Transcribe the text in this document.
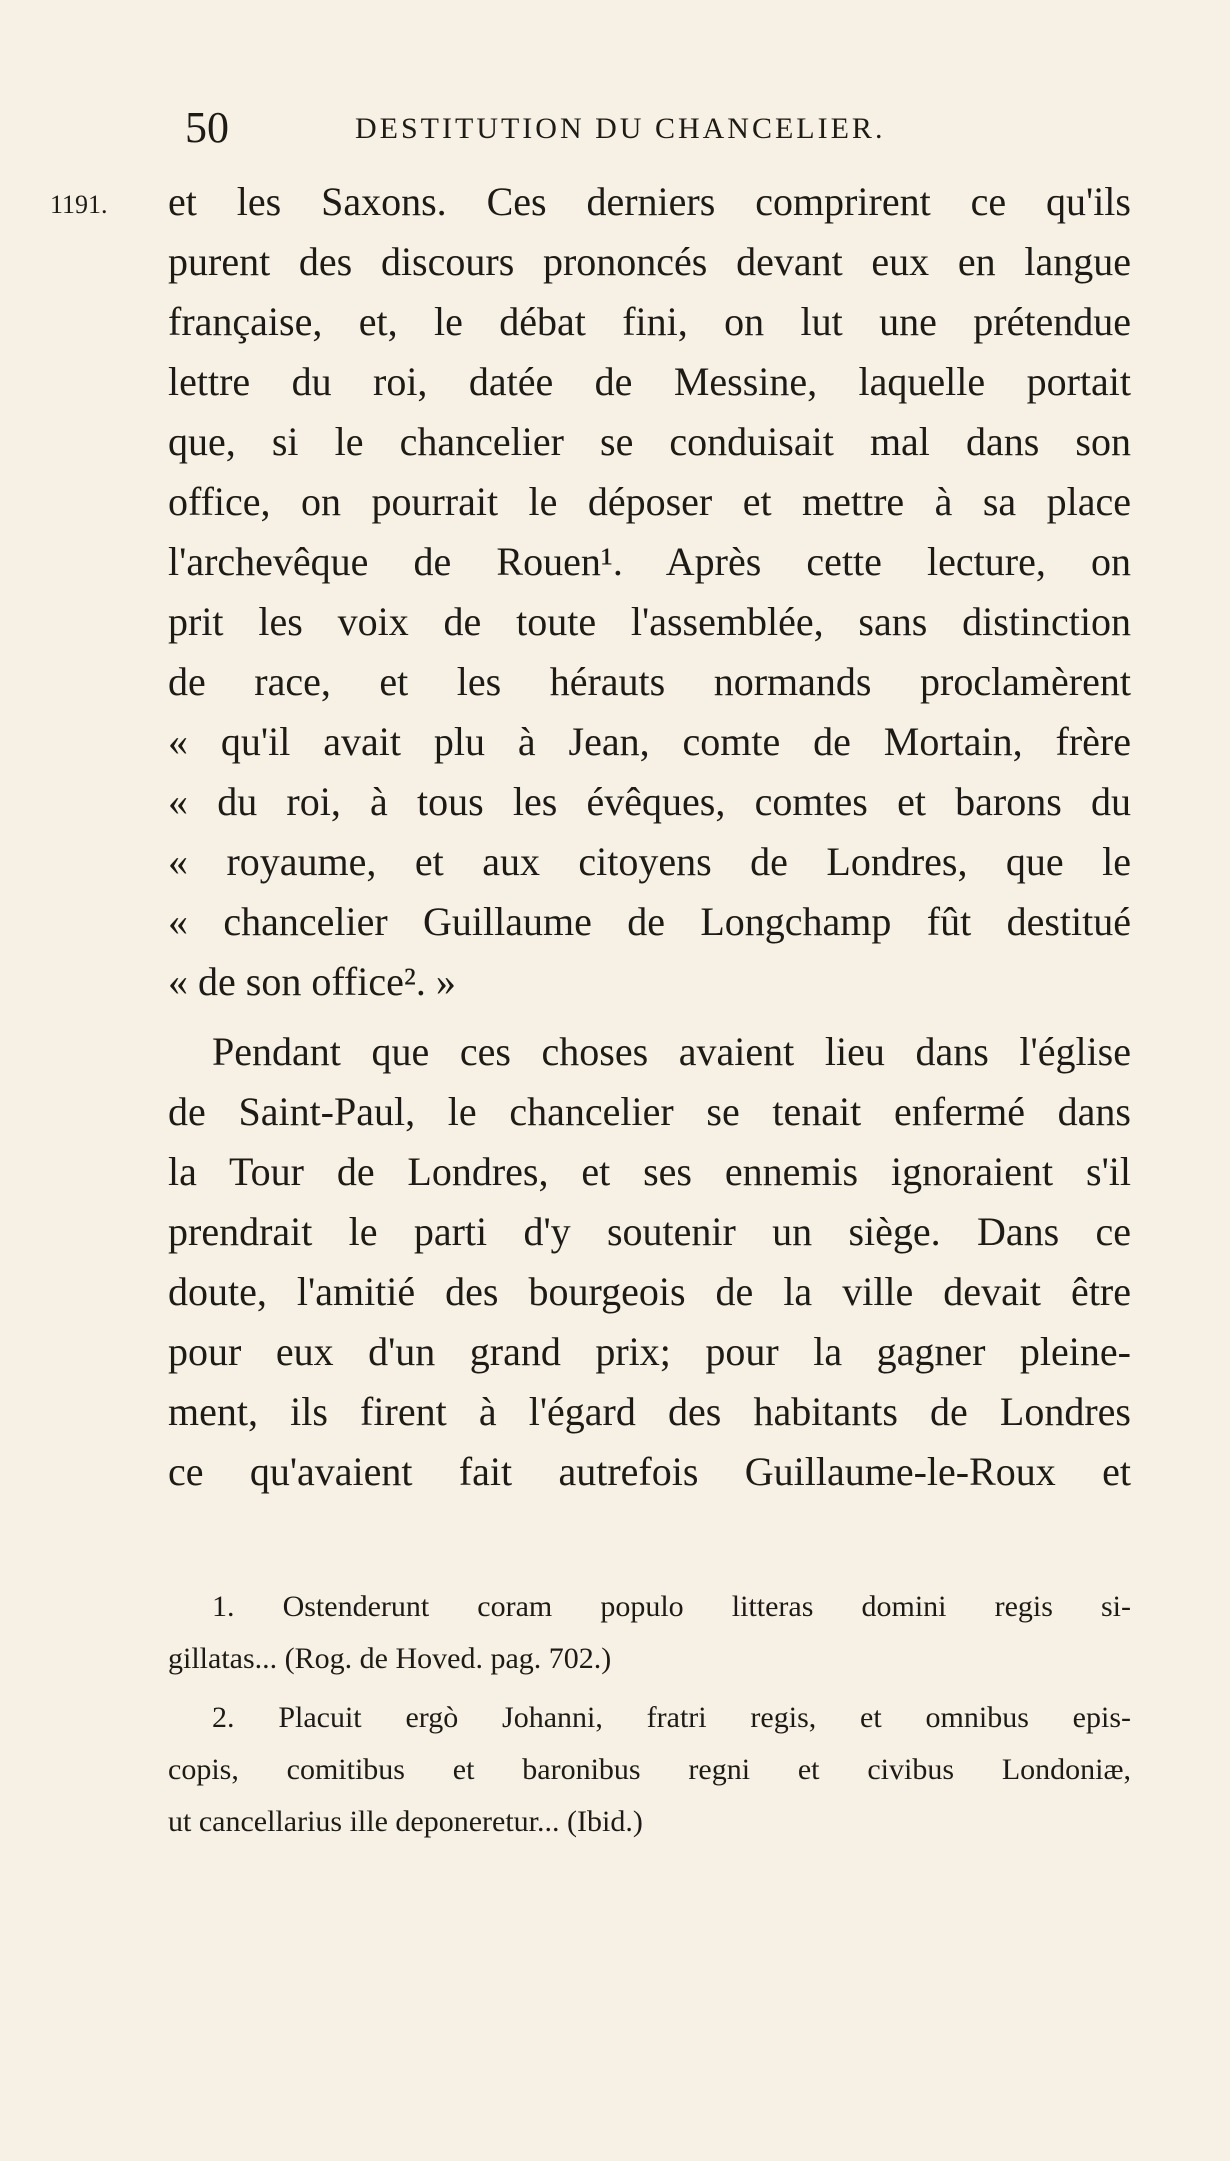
50	DESTITUTION DU CHANCELIER.
1191. et les Saxons. Ces derniers comprirent ce qu'ils
purent des discours prononcés devant eux en langue
française, et, le débat fini, on lut une prétendue
lettre du roi, datée de Messine, laquelle portait
que, si le chancelier se conduisait mal dans son
office, on pourrait le déposer et mettre à sa place
l'archevêque de Rouen¹. Après cette lecture, on
prit les voix de toute l'assemblée, sans distinction
de race, et les hérauts normands proclamèrent
« qu'il avait plu à Jean, comte de Mortain, frère
« du roi, à tous les évêques, comtes et barons du
« royaume, et aux citoyens de Londres, que le
« chancelier Guillaume de Longchamp fût destitué
« de son office². »
Pendant que ces choses avaient lieu dans l'église
de Saint-Paul, le chancelier se tenait enfermé dans
la Tour de Londres, et ses ennemis ignoraient s'il
prendrait le parti d'y soutenir un siège. Dans ce
doute, l'amitié des bourgeois de la ville devait être
pour eux d'un grand prix; pour la gagner pleine-
ment, ils firent à l'égard des habitants de Londres
ce qu'avaient fait autrefois Guillaume-le-Roux et
1. Ostenderunt coram populo litteras domini regis si-
gillatas... (Rog. de Hoved. pag. 702.)
2. Placuit ergò Johanni, fratri regis, et omnibus epis-
copis, comitibus et baronibus regni et civibus Londoniæ,
ut cancellarius ille deponeretur... (Ibid.)
